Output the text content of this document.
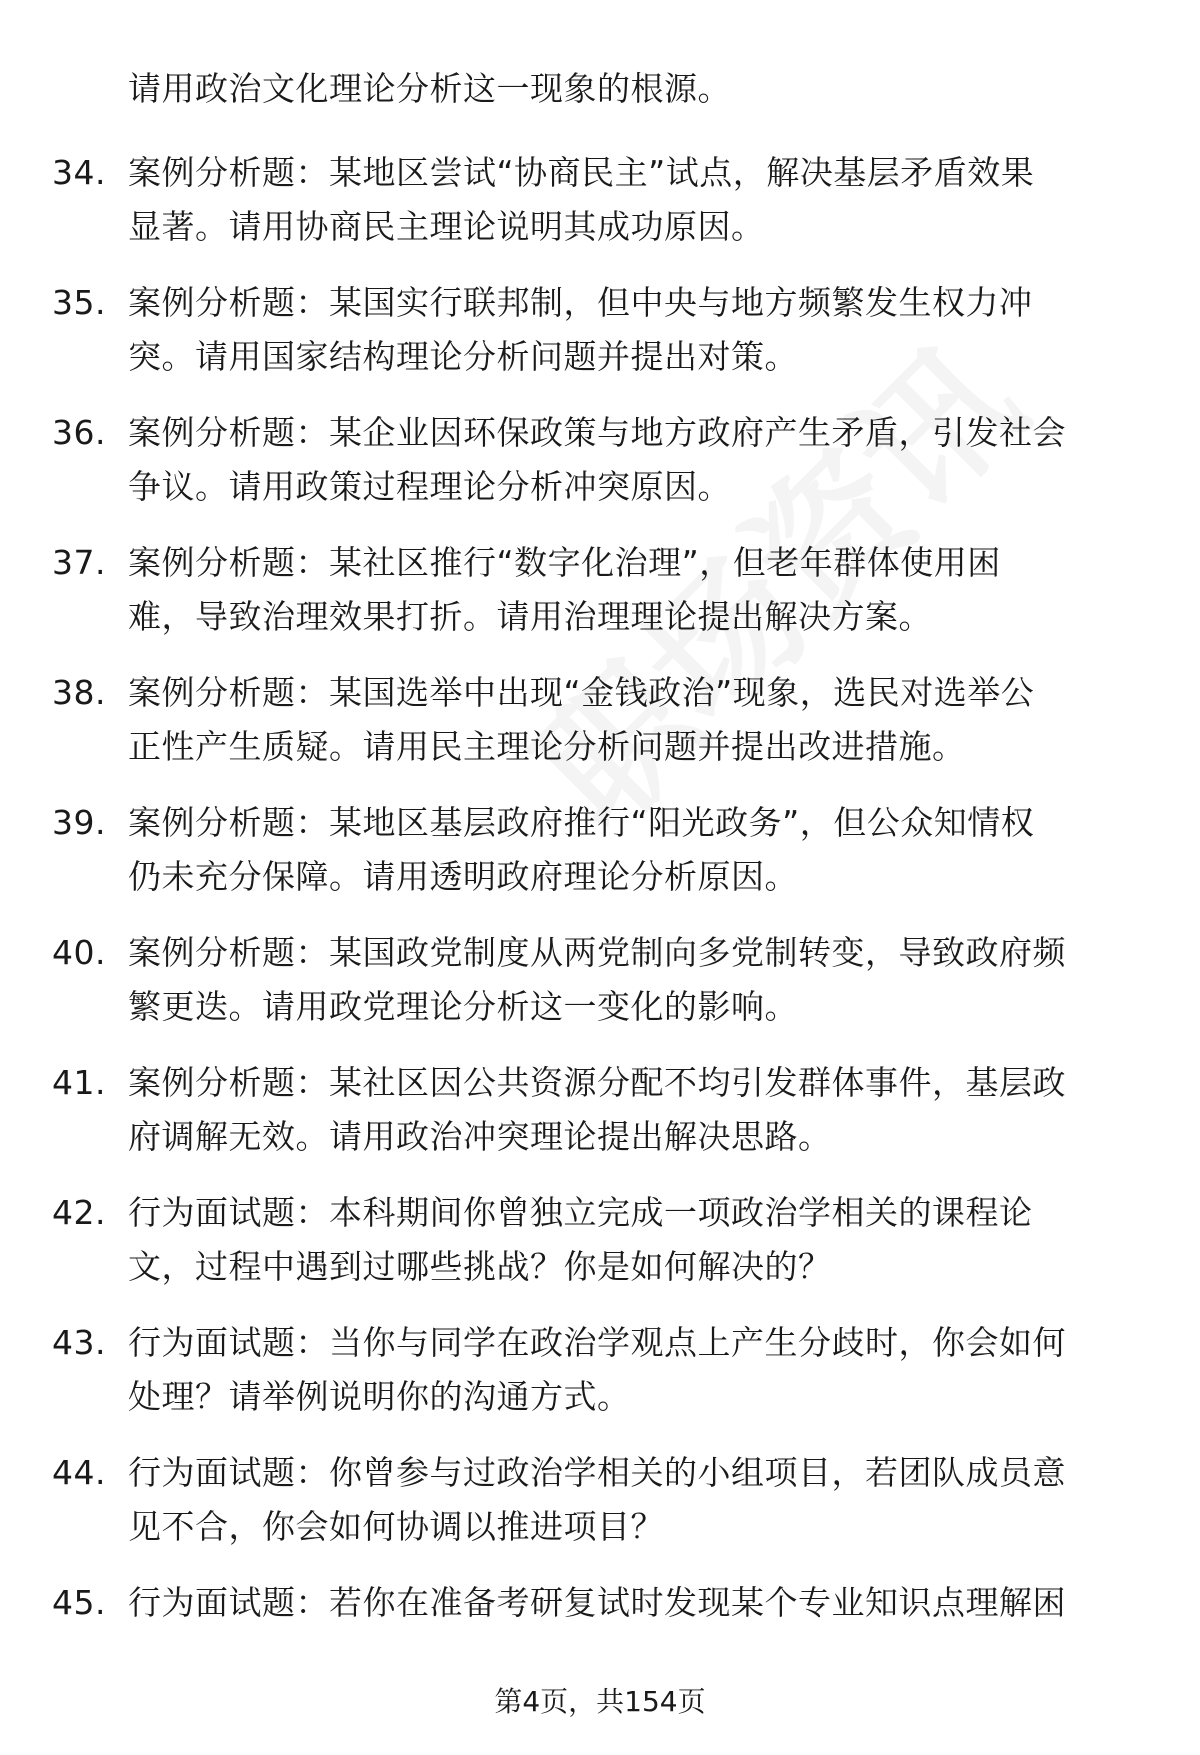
请用政治文化理论分析这一现象的根源。
34. 案例分析题：某地区尝试“协商民主”试点，解决基层矛盾效果
显著。请用协商民主理论说明其成功原因。
35. 案例分析题：某国实行联邦制，但中央与地方频繁发生权力冲
突。请用国家结构理论分析问题并提出对策。
36. 案例分析题：某企业因环保政策与地方政府产生矛盾，引发社会
争议。请用政策过程理论分析冲突原因。
37. 案例分析题：某社区推行“数字化治理”，但老年群体使用困
难，导致治理效果打折。请用治理理论提出解决方案。
38. 案例分析题：某国选举中出现“金钱政治”现象，选民对选举公
正性产生质疑。请用民主理论分析问题并提出改进措施。
39. 案例分析题：某地区基层政府推行“阳光政务”，但公众知情权
仍未充分保障。请用透明政府理论分析原因。
40. 案例分析题：某国政党制度从两党制向多党制转变，导致政府频
繁更迭。请用政党理论分析这一变化的影响。
41. 案例分析题：某社区因公共资源分配不均引发群体事件，基层政
府调解无效。请用政治冲突理论提出解决思路。
42. 行为面试题：本科期间你曾独立完成一项政治学相关的课程论
文，过程中遇到过哪些挑战？你是如何解决的？
43. 行为面试题：当你与同学在政治学观点上产生分歧时，你会如何
处理？请举例说明你的沟通方式。
44. 行为面试题：你曾参与过政治学相关的小组项目，若团队成员意
见不合，你会如何协调以推进项目？
45. 行为面试题：若你在准备考研复试时发现某个专业知识点理解困
第4页，共154页
